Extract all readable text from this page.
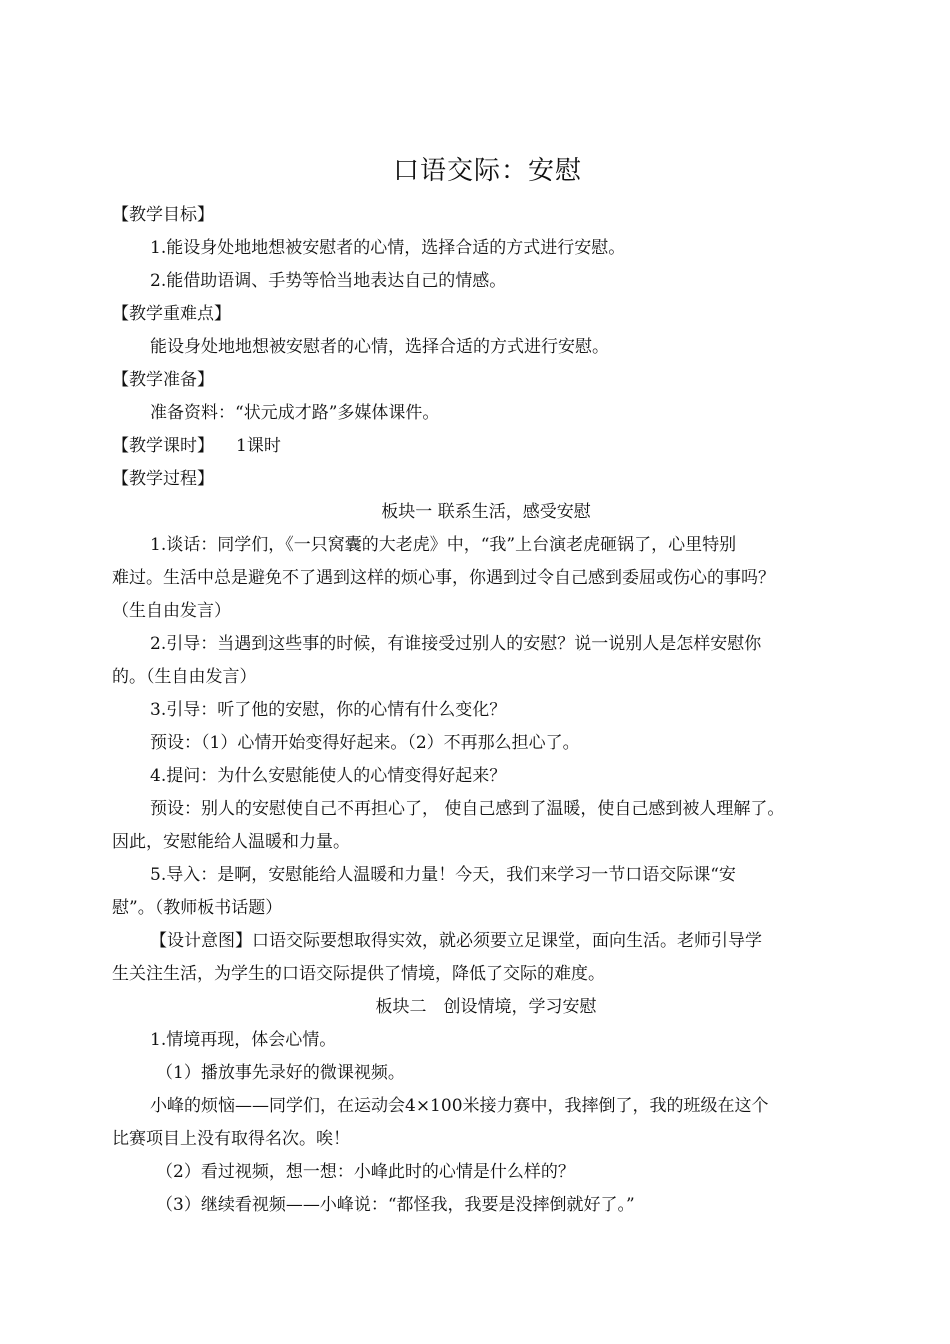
口语交际：安慰
【教学目标】
1.能设身处地地想被安慰者的心情，选择合适的方式进行安慰。
2.能借助语调、手势等恰当地表达自己的情感。
【教学重难点】
能设身处地地想被安慰者的心情，选择合适的方式进行安慰。
【教学准备】
准备资料：“状元成才路”多媒体课件。
【教学课时】 1课时
【教学过程】
板块一 联系生活，感受安慰
1.谈话：同学们，《一只窝囊的大老虎》中，“我”上台演老虎砸锅了，心里特别
难过。生活中总是避免不了遇到这样的烦心事，你遇到过令自己感到委屈或伤心的事吗？
（生自由发言）
2.引导：当遇到这些事的时候，有谁接受过别人的安慰？说一说别人是怎样安慰你
的。（生自由发言）
3.引导：听了他的安慰，你的心情有什么变化？
预设：（1）心情开始变得好起来。（2）不再那么担心了。
4.提问：为什么安慰能使人的心情变得好起来？
预设：别人的安慰使自己不再担心了， 使自己感到了温暖，使自己感到被人理解了。
因此，安慰能给人温暖和力量。
5.导入：是啊，安慰能给人温暖和力量！今天，我们来学习一节口语交际课“安
慰”。（教师板书话题）
【设计意图】口语交际要想取得实效，就必须要立足课堂，面向生活。老师引导学
生关注生活，为学生的口语交际提供了情境，降低了交际的难度。
板块二　创设情境，学习安慰
1.情境再现，体会心情。
（1）播放事先录好的微课视频。
小峰的烦恼——同学们，在运动会4×100米接力赛中，我摔倒了，我的班级在这个
比赛项目上没有取得名次。唉！
（2）看过视频，想一想：小峰此时的心情是什么样的？
（3）继续看视频——小峰说：“都怪我，我要是没摔倒就好了。”
